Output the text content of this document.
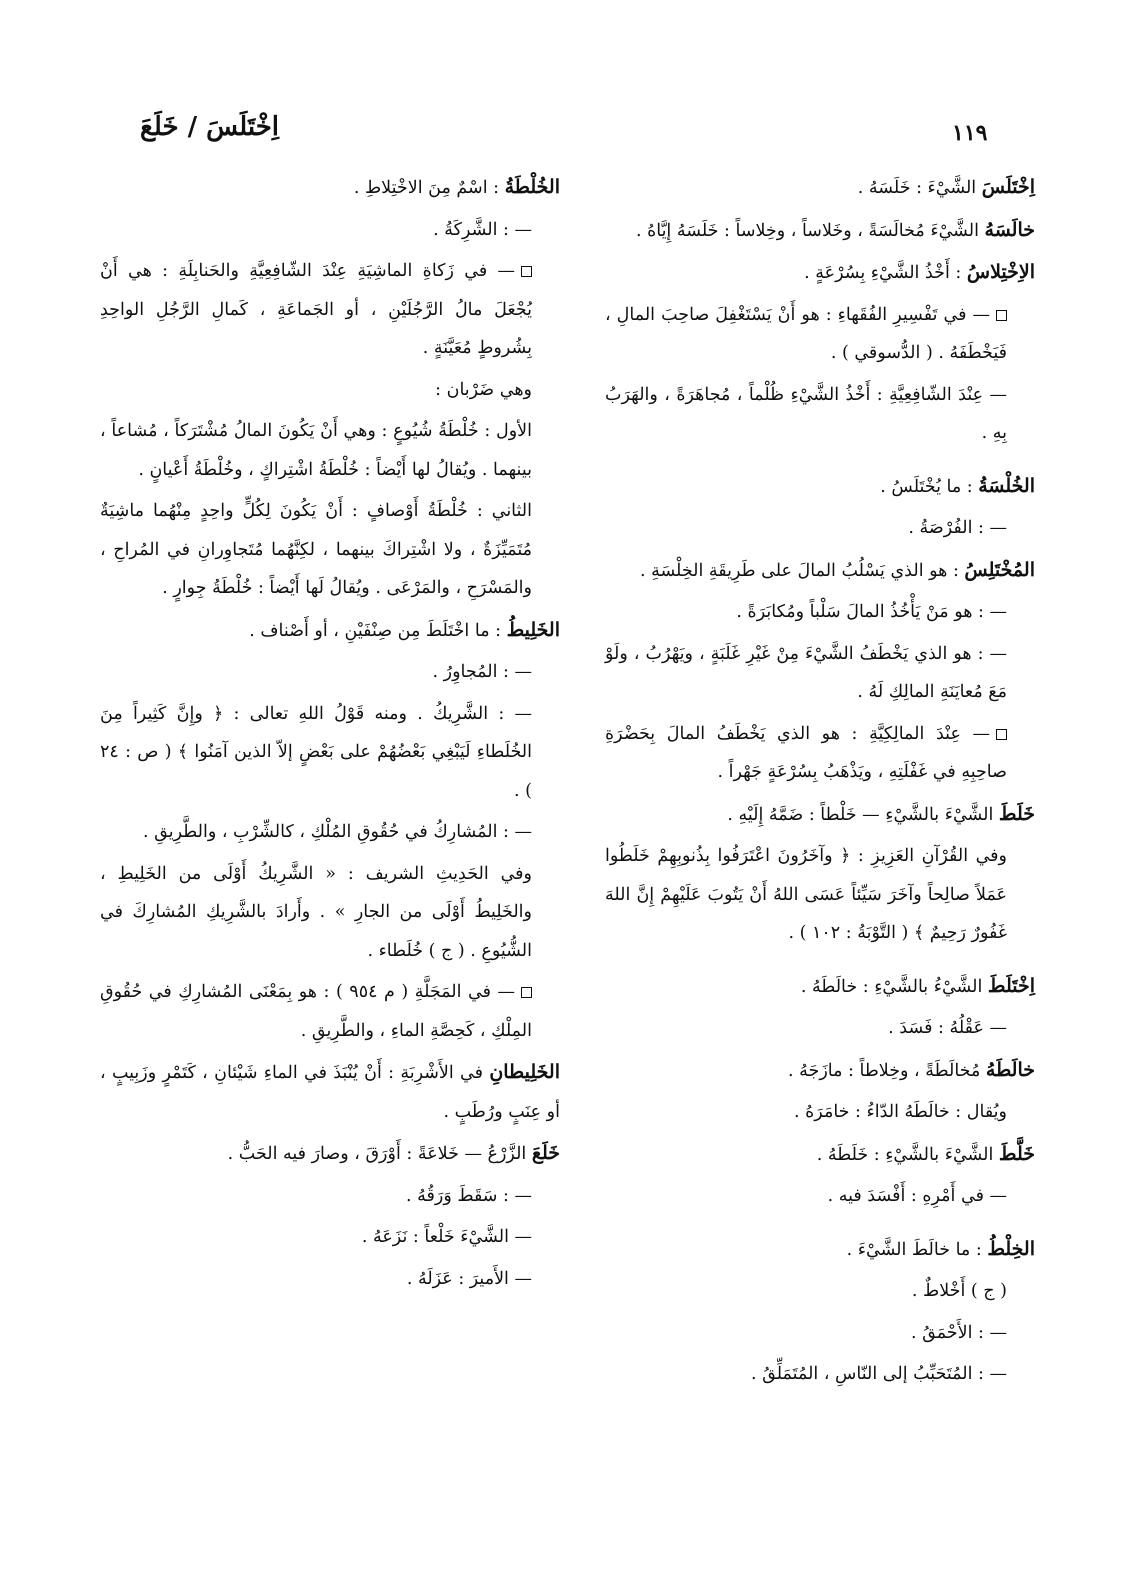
اِخْتَلَسَ / خَلَعَ	١١٩
اِخْتَلَسَ الشَّيْءَ : خَلَسَهُ .
خالَسَهُ الشَّيْءَ مُخالَسَةً ، وخَلاساً ، وخِلاساً : خَلَسَهُ إِيَّاهُ .
الاِخْتِلاسُ : أَخْذُ الشَّيْءِ بِسُرْعَةٍ .
— في تَفْسِيرِ الفُقَهاءِ : هو أَنْ يَسْتَغْفِلَ صاحِبَ المالِ ، فَيَخْطَفَهُ . ( الدُّسوقي ) .
— عِنْدَ الشّافِعِيَّةِ : أَخْذُ الشَّيْءِ ظُلْماً ، مُجاهَرَةً ، والهَرَبُ بِهِ .
الخُلْسَةُ : ما يُخْتَلَسُ .
— : الفُرْصَةُ .
المُخْتَلِسُ : هو الذي يَسْلُبُ المالَ على طَرِيقَةِ الخِلْسَةِ .
— : هو مَنْ يَأْخُذُ المالَ سَلْباً ومُكابَرَةً .
— : هو الذي يَخْطَفُ الشَّيْءَ مِنْ غَيْرِ غَلَبَةٍ ، ويَهْرُبُ ، ولَوْ مَعَ مُعايَنَةِ المالِكِ لَهُ .
— عِنْدَ المالِكِيَّةِ : هو الذي يَخْطَفُ المالَ بِحَضْرَةِ صاحِبِهِ في غَفْلَتِهِ ، ويَذْهَبُ بِسُرْعَةٍ جَهْراً .
خَلَطَ الشَّيْءَ بالشَّيْءِ — خَلْطاً : ضَمَّهُ إِلَيْهِ .
وفي القُرْآنِ العَزِيزِ : ﴿ وآخَرُونَ اعْتَرَفُوا بِذُنوبِهِمْ خَلَطُوا عَمَلاً صالِحاً وآخَرَ سَيِّئاً عَسَى اللهُ أَنْ يَتُوبَ عَلَيْهِمْ إِنَّ اللهَ غَفُورٌ رَحِيمٌ ﴾ ( التَّوْبَةُ : ١٠٢ ) .
اِخْتَلَطَ الشَّيْءُ بالشَّيْءِ : خالَطَهُ .
— عَقْلُهُ : فَسَدَ .
خالَطَهُ مُخالَطَةً ، وخِلاطاً : مازَجَهُ .
ويُقال : خالَطَهُ الدّاءُ : خامَرَهُ .
خَلَّطَ الشَّيْءَ بالشَّيْءِ : خَلَطَهُ .
— في أَمْرِهِ : أَفْسَدَ فيه .
الخِلْطُ : ما خالَطَ الشَّيْءَ .
( ج ) أَخْلاطٌ .
— : الأَحْمَقُ .
— : المُتَحَبِّبُ إلى النّاسِ ، المُتَمَلِّقُ .
الخُلْطَةُ : اسْمٌ مِنَ الاخْتِلاطِ .
— : الشَّرِكَةُ .
— في زَكاةِ الماشِيَةِ عِنْدَ الشّافِعِيَّةِ والحَنابِلَةِ : هي أَنْ يُجْعَلَ مالُ الرَّجُلَيْنِ ، أو الجَماعَةِ ، كَمالِ الرَّجُلِ الواحِدِ بِشُروطٍ مُعَيَّنَةٍ .
وهي ضَرْبان :
الأول : خُلْطَةُ شُيُوعٍ : وهي أَنْ يَكُونَ المالُ مُشْتَرَكاً ، مُشاعاً ، بينهما . ويُقالُ لها أَيْضاً : خُلْطَةُ اشْتِراكٍ ، وخُلْطَةُ أَعْيانٍ .
الثاني : خُلْطَةُ أَوْصافٍ : أَنْ يَكُونَ لِكُلٍّ واحِدٍ مِنْهُما ماشِيَةٌ مُتَمَيِّزَةٌ ، ولا اشْتِراكَ بينهما ، لكِنَّهُما مُتَجاوِرانِ في المُراحِ ، والمَسْرَحِ ، والمَرْعَى . ويُقالُ لَها أَيْضاً : خُلْطَةُ جِوارٍ .
الخَلِيطُ : ما اخْتَلَطَ مِن صِنْفَيْنِ ، أو أَصْناف .
— : المُجاوِرُ .
— : الشَّرِيكُ . ومنه قَوْلُ اللهِ تعالى : ﴿ وإِنَّ كَثِيراً مِنَ الخُلَطاءِ لَيَبْغِي بَعْضُهُمْ على بَعْضٍ إلاّ الذين آمَنُوا ﴾ ( ص : ٢٤ ) .
— : المُشارِكُ في حُقُوقِ المُلْكِ ، كالشِّرْبِ ، والطَّرِيقِ .
وفي الحَدِيثِ الشريف : « الشَّرِيكُ أَوْلَى من الخَلِيطِ ، والخَلِيطُ أَوْلَى من الجارِ » . وأَرادَ بالشَّرِيكِ المُشارِكَ في الشُّيُوعِ . ( ج ) خُلَطاء .
— في المَجَلَّةِ ( م ٩٥٤ ) : هو بِمَعْنَى المُشارِكِ في حُقُوقِ المِلْكِ ، كَحِصَّةِ الماءِ ، والطَّرِيقِ .
الخَلِيطانِ في الأَشْرِبَةِ : أَنْ يُنْبَذَ في الماءِ شَيْئانِ ، كَتَمْرٍ وزَبِيبٍ ، أو عِنَبٍ ورُطَبٍ .
خَلَعَ الزَّرْعُ — خَلاعَةً : أَوْرَقَ ، وصارَ فيه الحَبُّ .
— : سَقَطَ وَرَقُهُ .
— الشَّيْءَ خَلْعاً : نَزَعَهُ .
— الأَميرَ : عَزَلَهُ .
